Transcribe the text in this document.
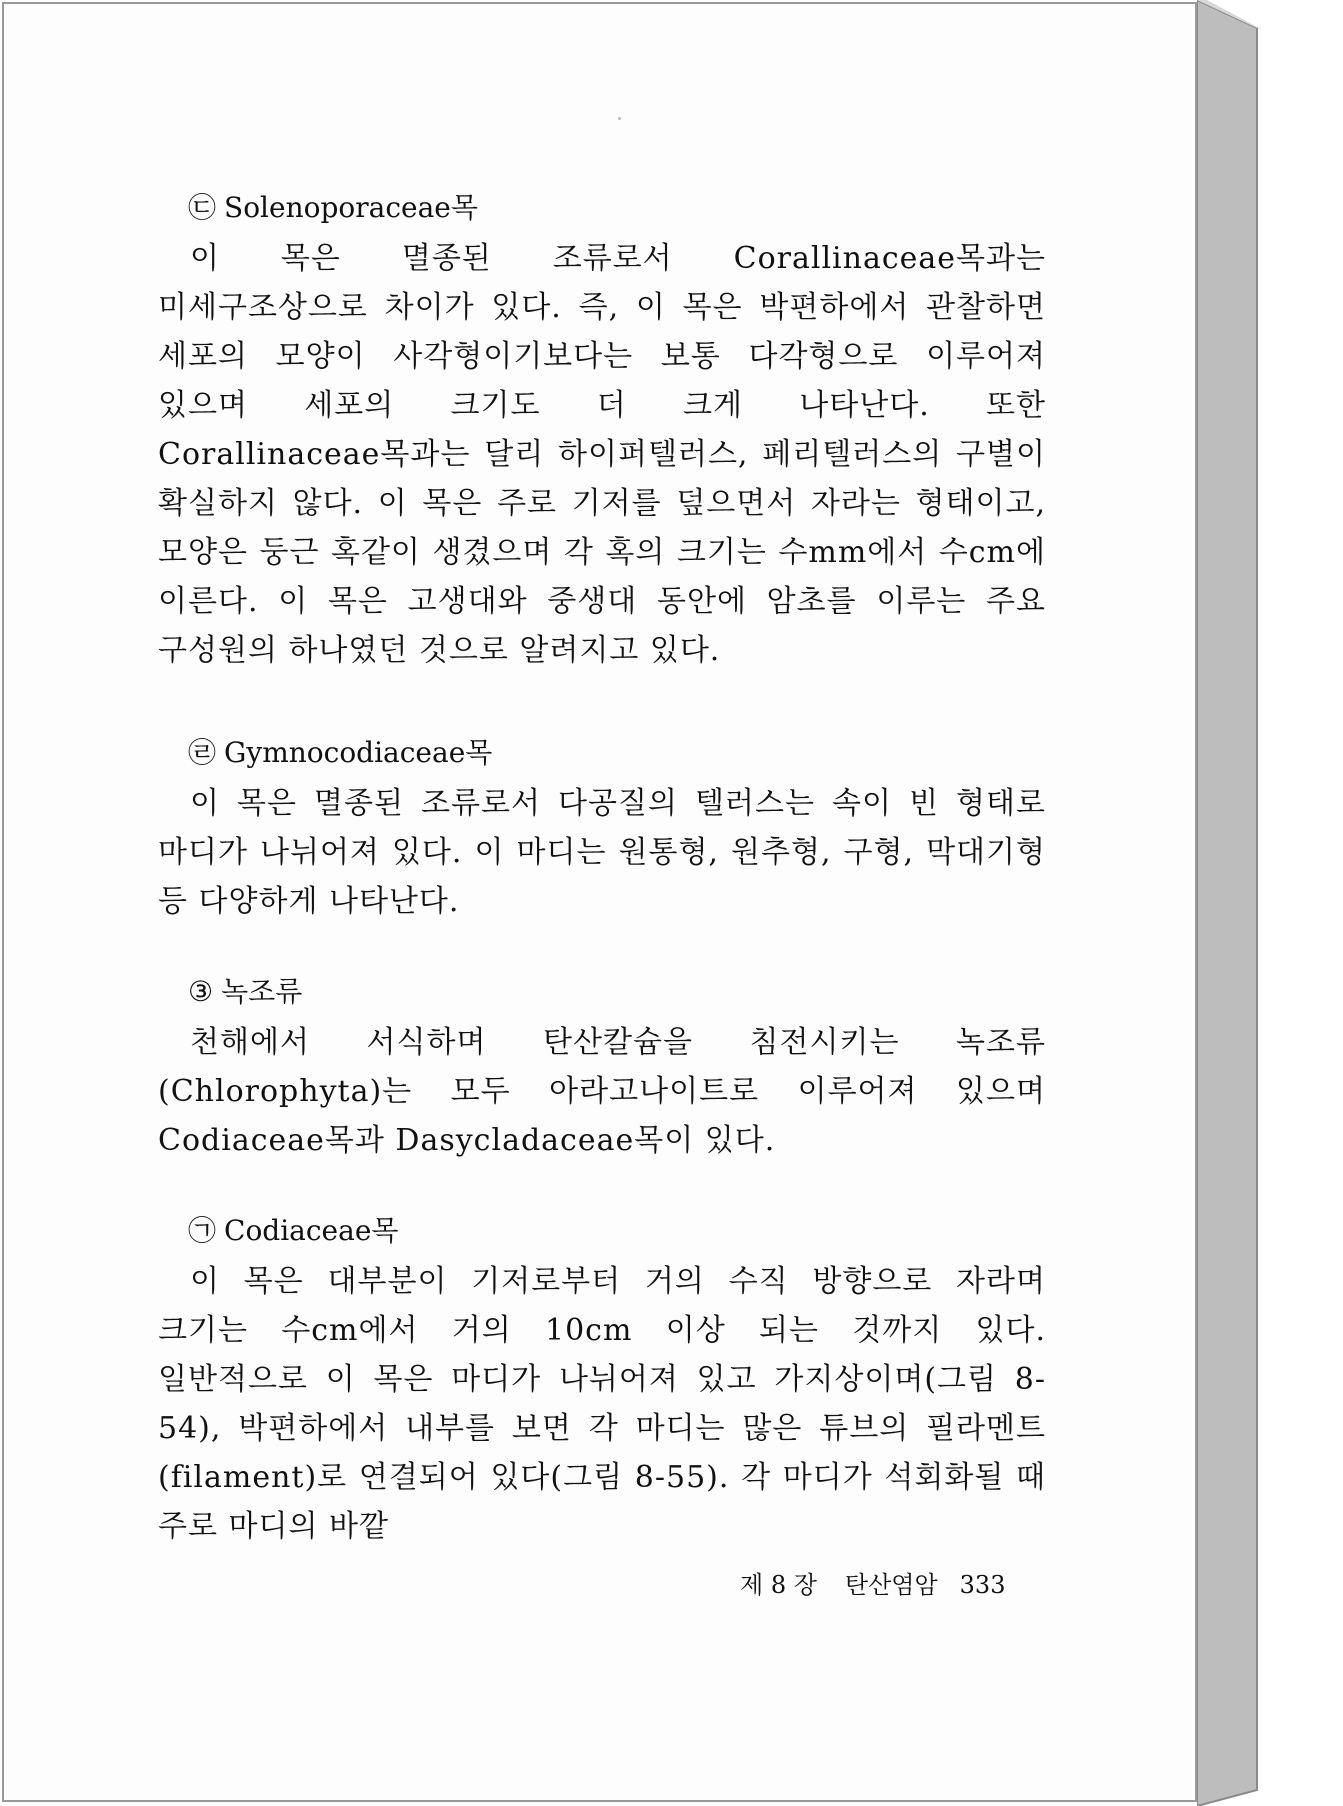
㉢ Solenoporaceae목

이 목은 멸종된 조류로서 Corallinaceae목과는 미세구조상으로 차이가 있다. 즉, 이 목은 박편하에서 관찰하면 세포의 모양이 사각형이기보다는 보통 다각형으로 이루어져 있으며 세포의 크기도 더 크게 나타난다. 또한 Corallinaceae목과는 달리 하이퍼텔러스, 페리텔러스의 구별이 확실하지 않다. 이 목은 주로 기저를 덮으면서 자라는 형태이고, 모양은 둥근 혹같이 생겼으며 각 혹의 크기는 수mm에서 수cm에 이른다. 이 목은 고생대와 중생대 동안에 암초를 이루는 주요 구성원의 하나였던 것으로 알려지고 있다.

㉣ Gymnocodiaceae목

이 목은 멸종된 조류로서 다공질의 텔러스는 속이 빈 형태로 마디가 나뉘어져 있다. 이 마디는 원통형, 원추형, 구형, 막대기형 등 다양하게 나타난다.

③ 녹조류

천해에서 서식하며 탄산칼슘을 침전시키는 녹조류(Chlorophyta)는 모두 아라고나이트로 이루어져 있으며 Codiaceae목과 Dasycladaceae목이 있다.

㉠ Codiaceae목

이 목은 대부분이 기저로부터 거의 수직 방향으로 자라며 크기는 수cm에서 거의 10cm 이상 되는 것까지 있다. 일반적으로 이 목은 마디가 나뉘어져 있고 가지상이며(그림 8-54), 박편하에서 내부를 보면 각 마디는 많은 튜브의 필라멘트(filament)로 연결되어 있다(그림 8-55). 각 마디가 석회화될 때 주로 마디의 바깥

제 8 장 탄산염암 333
